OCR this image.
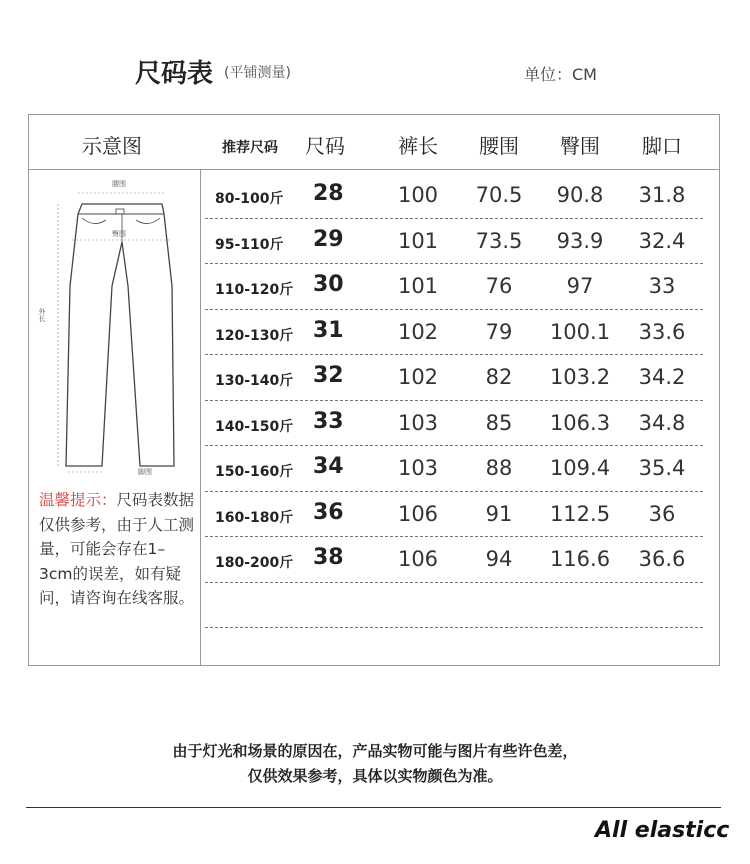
尺码表 (平铺测量)	单位：CM
示意图	推荐尺码 尺码	裤长 腰围 臀围 脚口
80-100斤 28	100 70.5 90.8 31.8
95-110斤 29	101 73.5 93.9 32.4
110-120斤 30	101 76	97	33
120-130斤 31	102 79 100.1 33.6
130-140斤 32	102 82 103.2 34.2
140-150斤 33	103 85 106.3 34.8
150-160斤 34	103 88 109.4 35.4
160-180斤 36	106 91 112.5 36
180-200斤 38	106 94 116.6 36.6
腰围
臀围
外长
脚围
温馨提示：尺码表数据仅供参考，由于人工测量，可能会存在1–3cm的误差，如有疑问，请咨询在线客服。
由于灯光和场景的原因在，产品实物可能与图片有些许色差，
仅供效果参考，具体以实物颜色为准。
All elasticc
